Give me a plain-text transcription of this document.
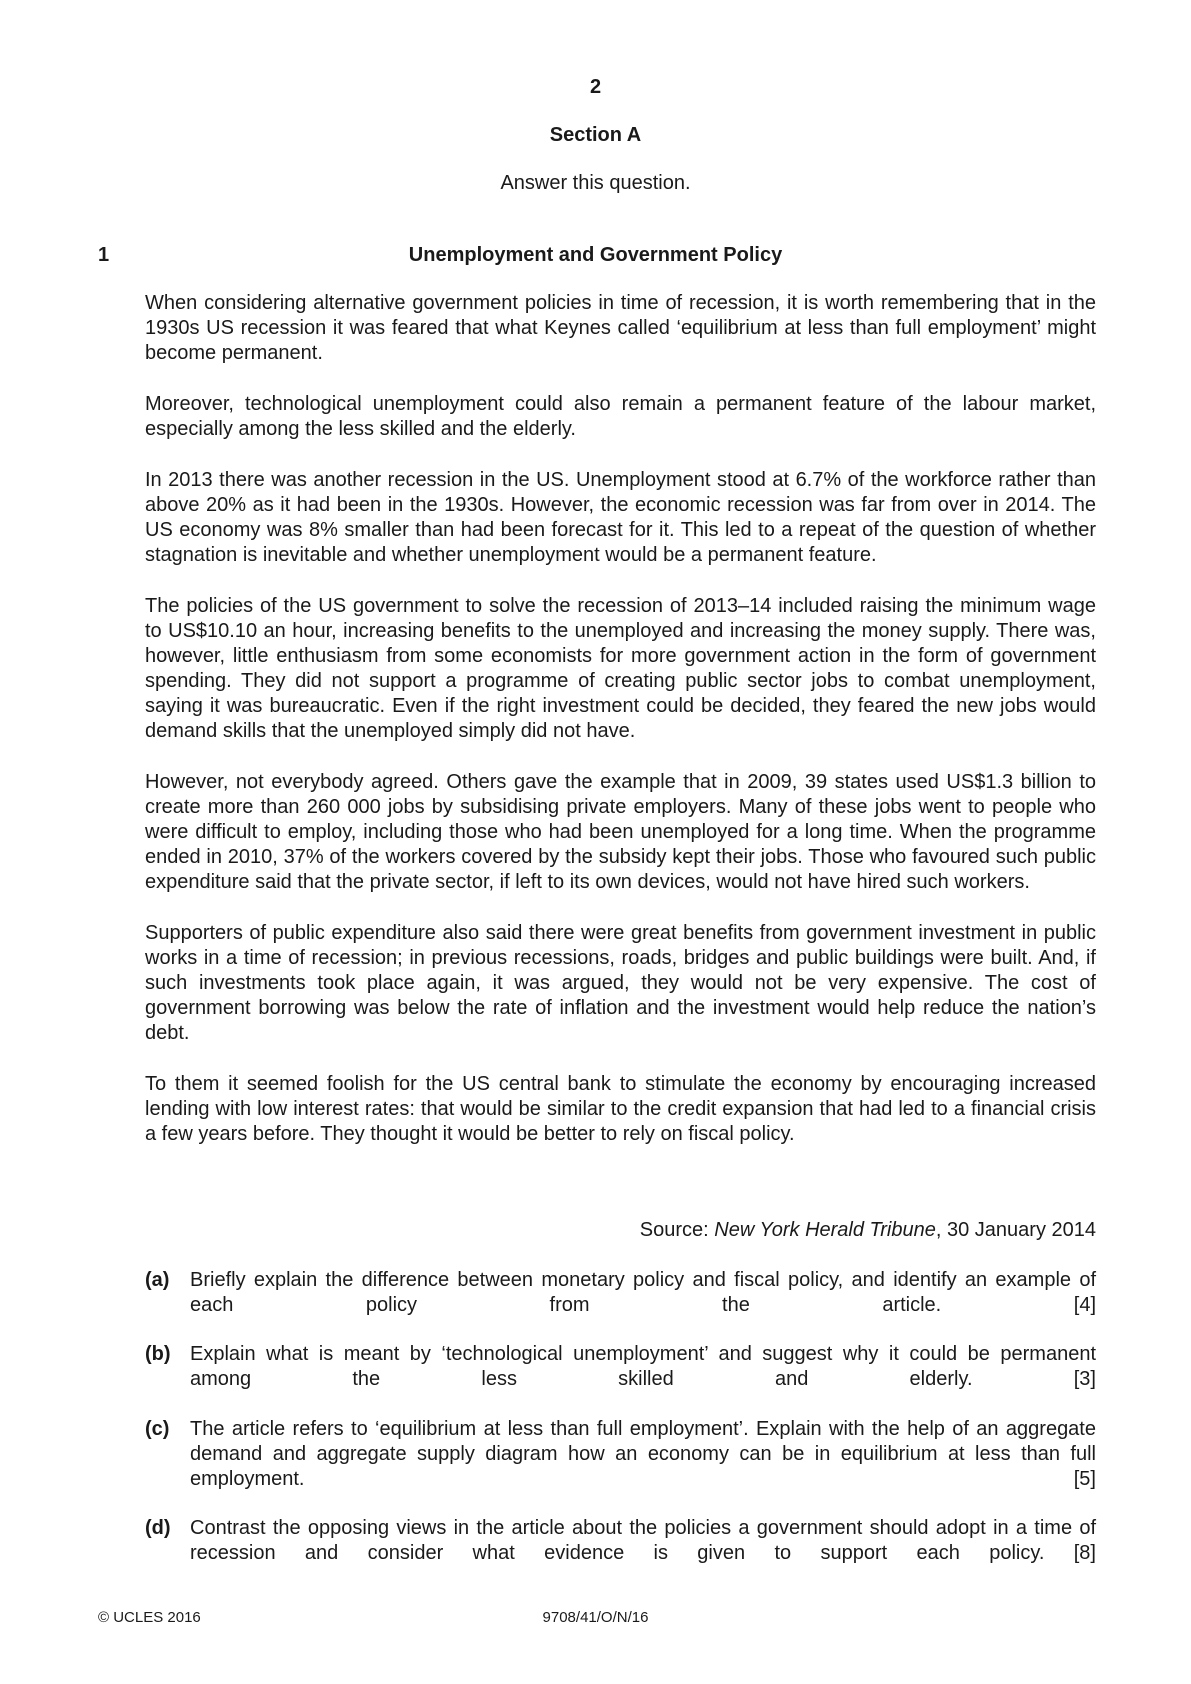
2
Section A
Answer this question.
1	Unemployment and Government Policy

When considering alternative government policies in time of recession, it is worth remembering that in the 1930s US recession it was feared that what Keynes called ‘equilibrium at less than full employment’ might become permanent.

Moreover, technological unemployment could also remain a permanent feature of the labour market, especially among the less skilled and the elderly.

In 2013 there was another recession in the US. Unemployment stood at 6.7% of the workforce rather than above 20% as it had been in the 1930s. However, the economic recession was far from over in 2014. The US economy was 8% smaller than had been forecast for it. This led to a repeat of the question of whether stagnation is inevitable and whether unemployment would be a permanent feature.

The policies of the US government to solve the recession of 2013–14 included raising the minimum wage to US$10.10 an hour, increasing benefits to the unemployed and increasing the money supply. There was, however, little enthusiasm from some economists for more government action in the form of government spending. They did not support a programme of creating public sector jobs to combat unemployment, saying it was bureaucratic. Even if the right investment could be decided, they feared the new jobs would demand skills that the unemployed simply did not have.

However, not everybody agreed. Others gave the example that in 2009, 39 states used US$1.3 billion to create more than 260 000 jobs by subsidising private employers. Many of these jobs went to people who were difficult to employ, including those who had been unemployed for a long time. When the programme ended in 2010, 37% of the workers covered by the subsidy kept their jobs. Those who favoured such public expenditure said that the private sector, if left to its own devices, would not have hired such workers.

Supporters of public expenditure also said there were great benefits from government investment in public works in a time of recession; in previous recessions, roads, bridges and public buildings were built. And, if such investments took place again, it was argued, they would not be very expensive. The cost of government borrowing was below the rate of inflation and the investment would help reduce the nation’s debt.

To them it seemed foolish for the US central bank to stimulate the economy by encouraging increased lending with low interest rates: that would be similar to the credit expansion that had led to a financial crisis a few years before. They thought it would be better to rely on fiscal policy.

Source: New York Herald Tribune, 30 January 2014
(a) Briefly explain the difference between monetary policy and fiscal policy, and identify an example of each policy from the article.	[4]
(b) Explain what is meant by ‘technological unemployment’ and suggest why it could be permanent among the less skilled and elderly.	[3]
(c) The article refers to ‘equilibrium at less than full employment’. Explain with the help of an aggregate demand and aggregate supply diagram how an economy can be in equilibrium at less than full employment.	[5]
(d) Contrast the opposing views in the article about the policies a government should adopt in a time of recession and consider what evidence is given to support each policy. [8]
© UCLES 2016	9708/41/O/N/16
